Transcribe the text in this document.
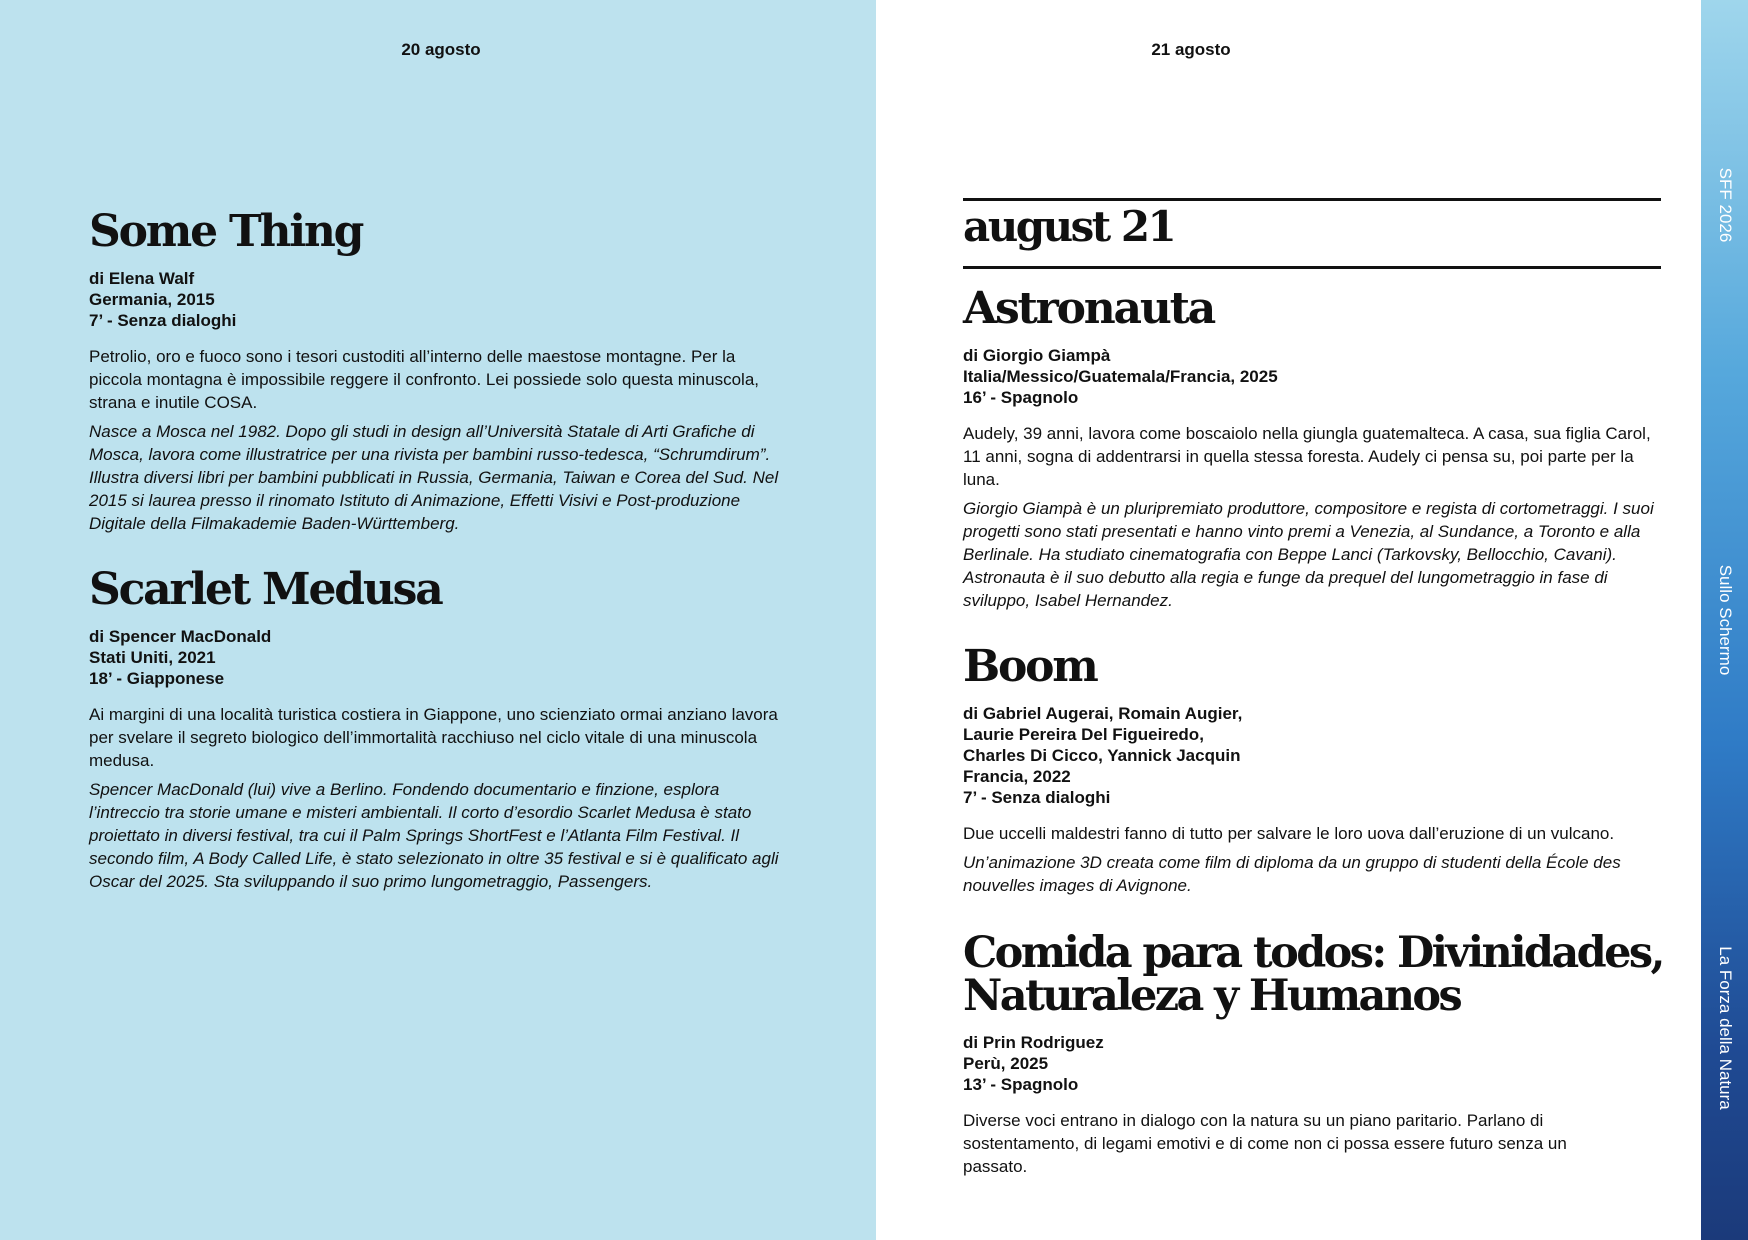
20 agosto
Some Thing
di Elena Walf
Germania, 2015
7’ - Senza dialoghi
Petrolio, oro e fuoco sono i tesori custoditi all’interno delle maestose montagne. Per la piccola montagna è impossibile reggere il confronto. Lei possiede solo questa minuscola, strana e inutile COSA.
Nasce a Mosca nel 1982. Dopo gli studi in design all’Università Statale di Arti Grafiche di Mosca, lavora come illustratrice per una rivista per bambini russo-tedesca, “Schrumdirum”. Illustra diversi libri per bambini pubblicati in Russia, Germania, Taiwan e Corea del Sud. Nel 2015 si laurea presso il rinomato Istituto di Animazione, Effetti Visivi e Post-produzione Digitale della Filmakademie Baden-Württemberg.
Scarlet Medusa
di Spencer MacDonald
Stati Uniti, 2021
18’ - Giapponese
Ai margini di una località turistica costiera in Giappone, uno scienziato ormai anziano lavora per svelare il segreto biologico dell’immortalità racchiuso nel ciclo vitale di una minuscola medusa.
Spencer MacDonald (lui) vive a Berlino. Fondendo documentario e finzione, esplora l’intreccio tra storie umane e misteri ambientali. Il corto d’esordio Scarlet Medusa è stato proiettato in diversi festival, tra cui il Palm Springs ShortFest e l’Atlanta Film Festival. Il secondo film, A Body Called Life, è stato selezionato in oltre 35 festival e si è qualificato agli Oscar del 2025. Sta sviluppando il suo primo lungometraggio, Passengers.
21 agosto
august 21
Astronauta
di Giorgio Giampà
Italia/Messico/Guatemala/Francia, 2025
16’ - Spagnolo
Audely, 39 anni, lavora come boscaiolo nella giungla guatemalteca. A casa, sua figlia Carol, 11 anni, sogna di addentrarsi in quella stessa foresta. Audely ci pensa su, poi parte per la luna.
Giorgio Giampà è un pluripremiato produttore, compositore e regista di cortometraggi. I suoi progetti sono stati presentati e hanno vinto premi a Venezia, al Sundance, a Toronto e alla Berlinale. Ha studiato cinematografia con Beppe Lanci (Tarkovsky, Bellocchio, Cavani). Astronauta è il suo debutto alla regia e funge da prequel del lungometraggio in fase di sviluppo, Isabel Hernandez.
Boom
di Gabriel Augerai, Romain Augier,
Laurie Pereira Del Figueiredo,
Charles Di Cicco, Yannick Jacquin
Francia, 2022
7’ - Senza dialoghi
Due uccelli maldestri fanno di tutto per salvare le loro uova dall’eruzione di un vulcano.
Un’animazione 3D creata come film di diploma da un gruppo di studenti della École des nouvelles images di Avignone.
Comida para todos: Divinidades, Naturaleza y Humanos
di Prin Rodriguez
Perù, 2025
13’ - Spagnolo
Diverse voci entrano in dialogo con la natura su un piano paritario. Parlano di sostentamento, di legami emotivi e di come non ci possa essere futuro senza un passato.
SFF 2026
Sullo Schermo
La Forza della Natura
